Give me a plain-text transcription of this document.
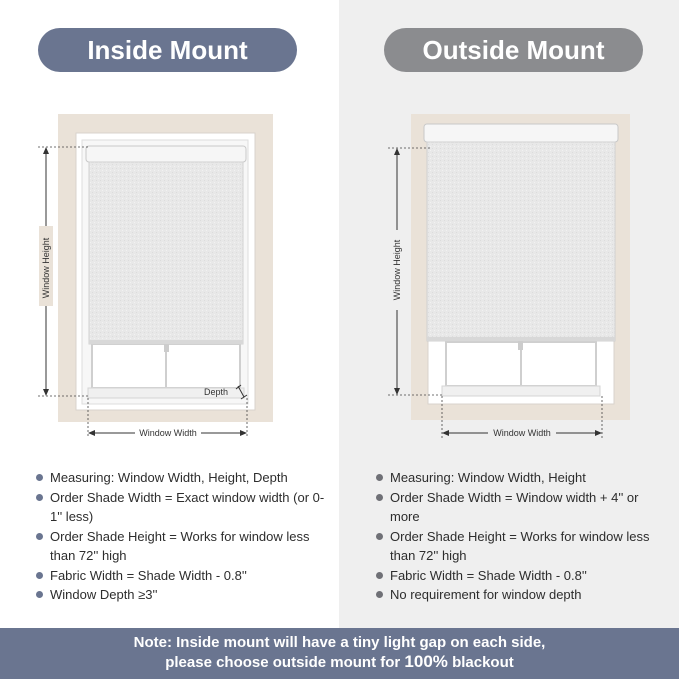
Inside Mount	Outside Mount
Window Height
Window Width
Depth
Window Height
Window Width
Measuring: Window Width, Height, Depth
Order Shade Width = Exact window width (or 0-1'' less)
Order Shade Height = Works for window less than 72'' high
Fabric Width = Shade Width - 0.8''
Window Depth ≥3''
Measuring: Window Width, Height
Order Shade Width = Window width + 4'' or more
Order Shade Height = Works for window less than 72'' high
Fabric Width = Shade Width - 0.8''
No requirement for window depth
Note: Inside mount will have a tiny light gap on each side,
please choose outside mount for 100% blackout
